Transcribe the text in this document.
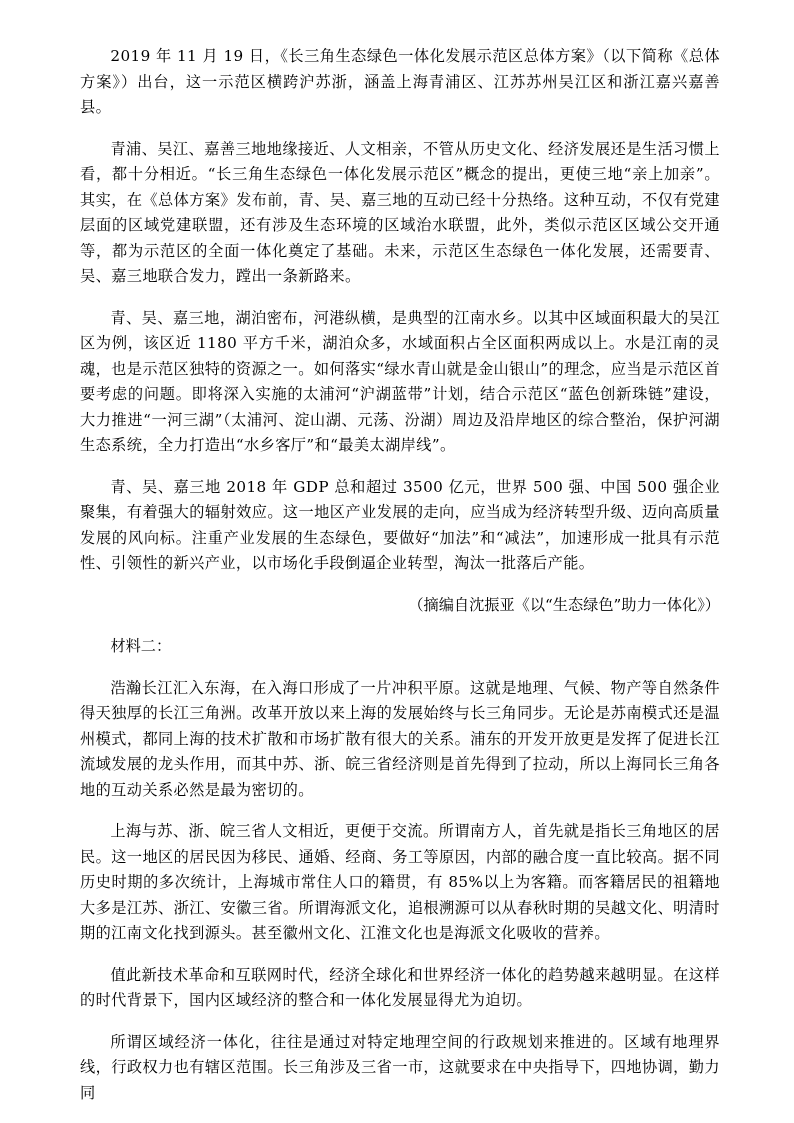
2019 年 11 月 19 日，《长三角生态绿色一体化发展示范区总体方案》（以下简称《总体方案》）出台，这一示范区横跨沪苏浙，涵盖上海青浦区、江苏苏州吴江区和浙江嘉兴嘉善县。

青浦、吴江、嘉善三地地缘接近、人文相亲，不管从历史文化、经济发展还是生活习惯上看，都十分相近。“长三角生态绿色一体化发展示范区”概念的提出，更使三地“亲上加亲”。其实，在《总体方案》发布前，青、吴、嘉三地的互动已经十分热络。这种互动，不仅有党建层面的区域党建联盟，还有涉及生态环境的区域治水联盟，此外，类似示范区区域公交开通等，都为示范区的全面一体化奠定了基础。未来，示范区生态绿色一体化发展，还需要青、吴、嘉三地联合发力，蹚出一条新路来。

青、吴、嘉三地，湖泊密布，河港纵横，是典型的江南水乡。以其中区域面积最大的吴江区为例，该区近 1180 平方千米，湖泊众多，水域面积占全区面积两成以上。水是江南的灵魂，也是示范区独特的资源之一。如何落实“绿水青山就是金山银山”的理念，应当是示范区首要考虑的问题。即将深入实施的太浦河“沪湖蓝带”计划，结合示范区“蓝色创新珠链”建设，大力推进“一河三湖”（太浦河、淀山湖、元荡、汾湖）周边及沿岸地区的综合整治，保护河湖生态系统，全力打造出“水乡客厅”和“最美太湖岸线”。

青、吴、嘉三地 2018 年 GDP 总和超过 3500 亿元，世界 500 强、中国 500 强企业聚集，有着强大的辐射效应。这一地区产业发展的走向，应当成为经济转型升级、迈向高质量发展的风向标。注重产业发展的生态绿色，要做好“加法”和“减法”，加速形成一批具有示范性、引领性的新兴产业，以市场化手段倒逼企业转型，淘汰一批落后产能。

（摘编自沈振亚《以“生态绿色”助力一体化》）

材料二：

浩瀚长江汇入东海，在入海口形成了一片冲积平原。这就是地理、气候、物产等自然条件得天独厚的长江三角洲。改革开放以来上海的发展始终与长三角同步。无论是苏南模式还是温州模式，都同上海的技术扩散和市场扩散有很大的关系。浦东的开发开放更是发挥了促进长江流域发展的龙头作用，而其中苏、浙、皖三省经济则是首先得到了拉动，所以上海同长三角各地的互动关系必然是最为密切的。

上海与苏、浙、皖三省人文相近，更便于交流。所谓南方人，首先就是指长三角地区的居民。这一地区的居民因为移民、通婚、经商、务工等原因，内部的融合度一直比较高。据不同历史时期的多次统计，上海城市常住人口的籍贯，有 85%以上为客籍。而客籍居民的祖籍地大多是江苏、浙江、安徽三省。所谓海派文化，追根溯源可以从春秋时期的吴越文化、明清时期的江南文化找到源头。甚至徽州文化、江淮文化也是海派文化吸收的营养。

值此新技术革命和互联网时代，经济全球化和世界经济一体化的趋势越来越明显。在这样的时代背景下，国内区域经济的整合和一体化发展显得尤为迫切。

所谓区域经济一体化，往往是通过对特定地理空间的行政规划来推进的。区域有地理界线，行政权力也有辖区范围。长三角涉及三省一市，这就要求在中央指导下，四地协调，勤力同
